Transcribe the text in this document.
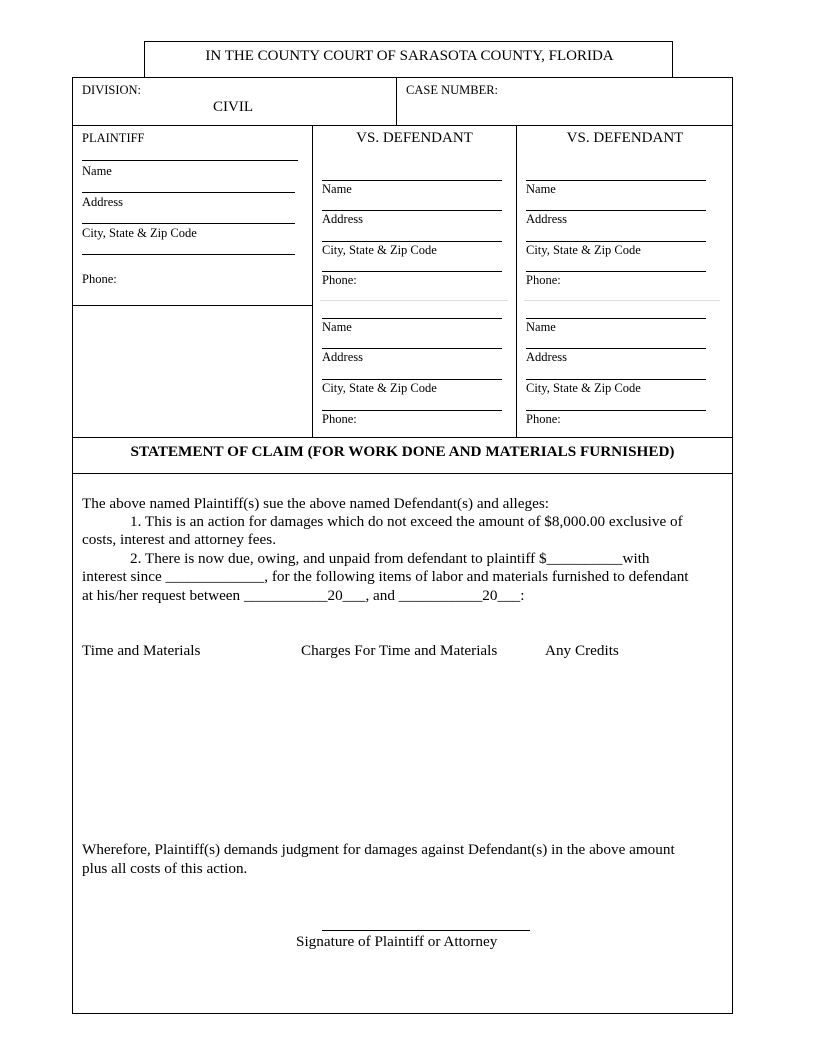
IN THE COUNTY COURT OF SARASOTA COUNTY, FLORIDA
DIVISION:
CIVIL
CASE NUMBER:
PLAINTIFF
Name
Address
City, State & Zip Code
Phone:
VS. DEFENDANT
Name
Address
City, State & Zip Code
Phone:
Name
Address
City, State & Zip Code
Phone:
VS. DEFENDANT
Name
Address
City, State & Zip Code
Phone:
Name
Address
City, State & Zip Code
Phone:
STATEMENT OF CLAIM (FOR WORK DONE AND MATERIALS FURNISHED)
The above named Plaintiff(s) sue the above named Defendant(s) and alleges:
1. This is an action for damages which do not exceed the amount of $8,000.00 exclusive of
costs, interest and attorney fees.
2. There is now due, owing, and unpaid from defendant to plaintiff $__________with
interest since _____________, for the following items of labor and materials furnished to defendant
at his/her request between ___________20___, and ___________20___:
Time and Materials	Charges For Time and Materials	Any Credits
Wherefore, Plaintiff(s) demands judgment for damages against Defendant(s) in the above amount
plus all costs of this action.
Signature of Plaintiff or Attorney
